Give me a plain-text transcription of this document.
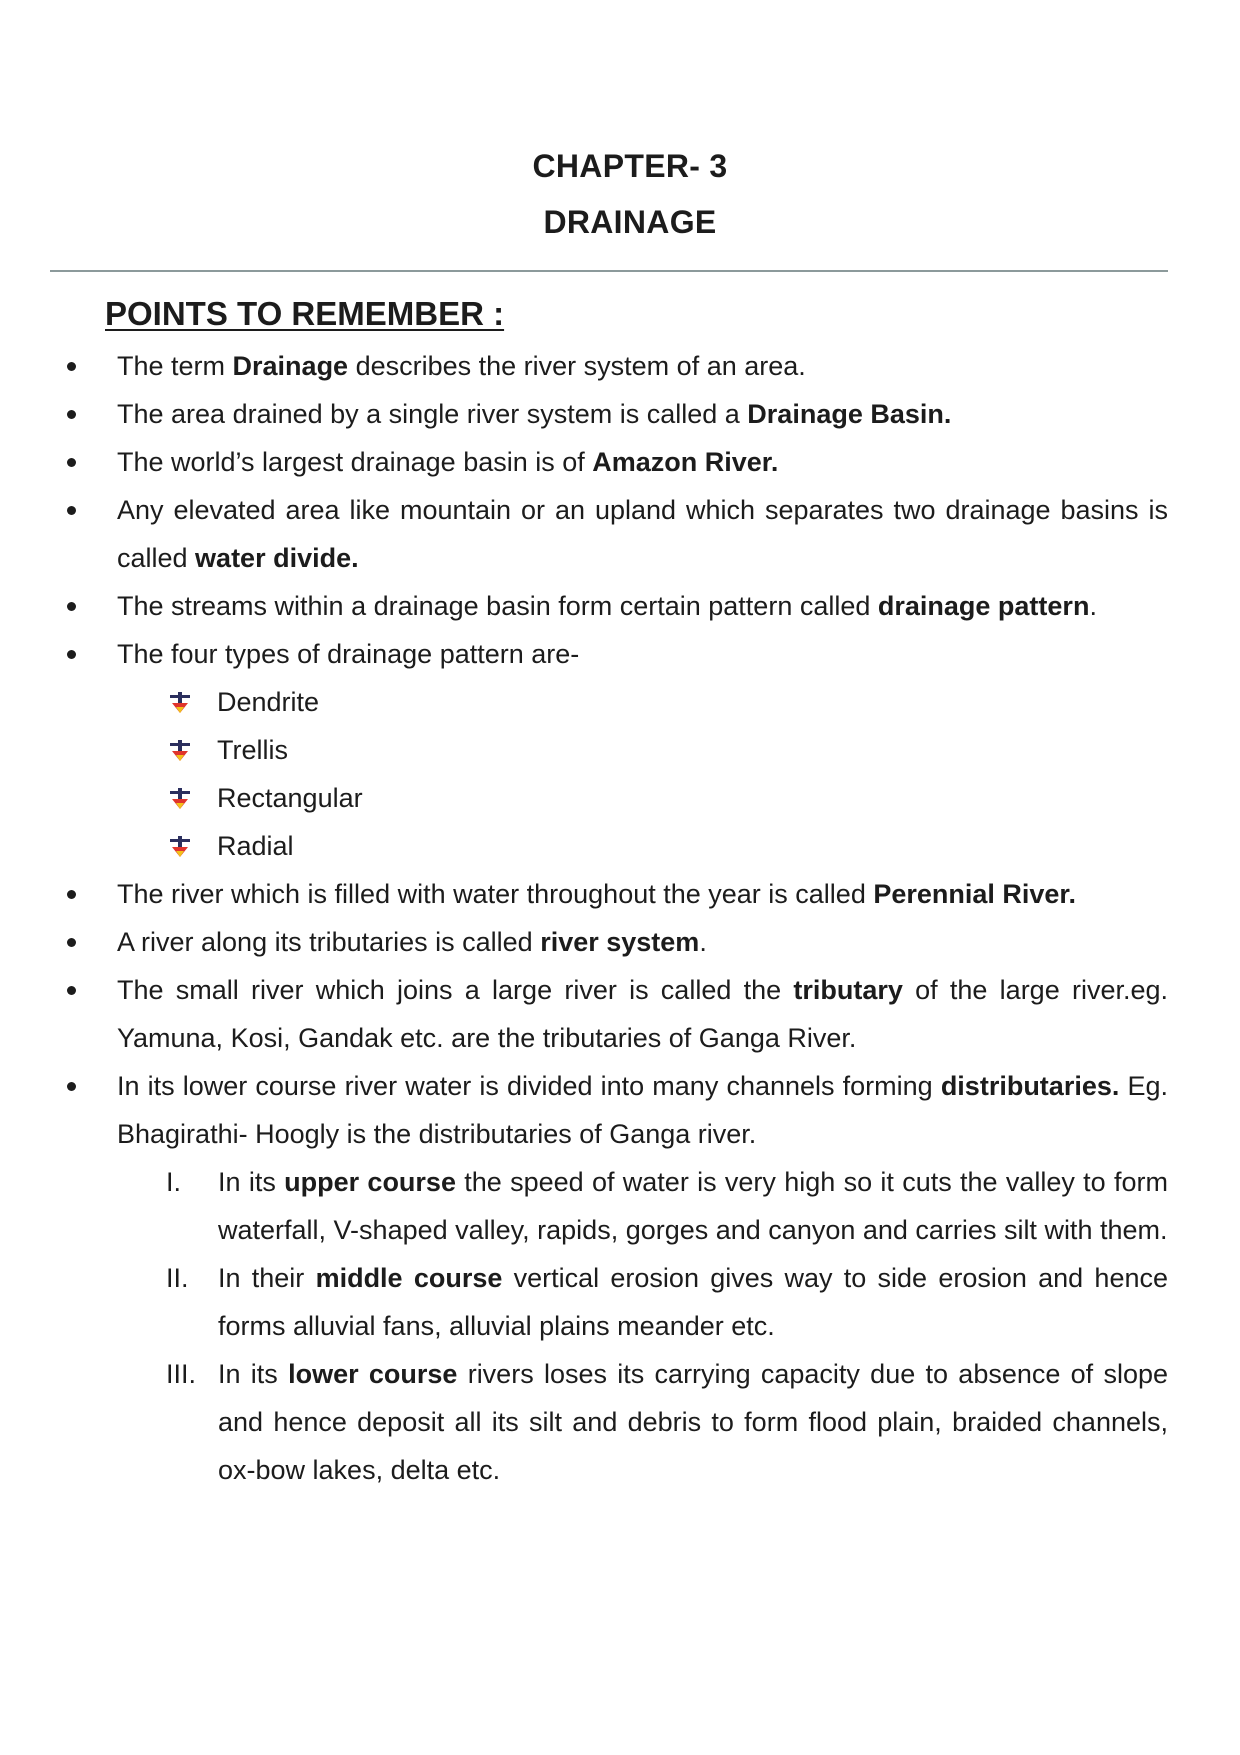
CHAPTER- 3
DRAINAGE
POINTS TO REMEMBER :
The term Drainage describes the river system of an area.
The area drained by a single river system is called a Drainage Basin.
The world’s largest drainage basin is of Amazon River.
Any elevated area like mountain or an upland which separates two drainage basins is called water divide.
The streams within a drainage basin form certain pattern called drainage pattern.
The four types of drainage pattern are-
Dendrite
Trellis
Rectangular
Radial
The river which is filled with water throughout the year is called Perennial River.
A river along its tributaries is called river system.
The small river which joins a large river is called the tributary of the large river.eg. Yamuna, Kosi, Gandak etc. are the tributaries of Ganga River.
In its lower course river water is divided into many channels forming distributaries. Eg. Bhagirathi- Hoogly is the distributaries of Ganga river.
I. In its upper course the speed of water is very high so it cuts the valley to form waterfall, V-shaped valley, rapids, gorges and canyon and carries silt with them.
II. In their middle course vertical erosion gives way to side erosion and hence forms alluvial fans, alluvial plains meander etc.
III. In its lower course rivers loses its carrying capacity due to absence of slope and hence deposit all its silt and debris to form flood plain, braided channels, ox-bow lakes, delta etc.
